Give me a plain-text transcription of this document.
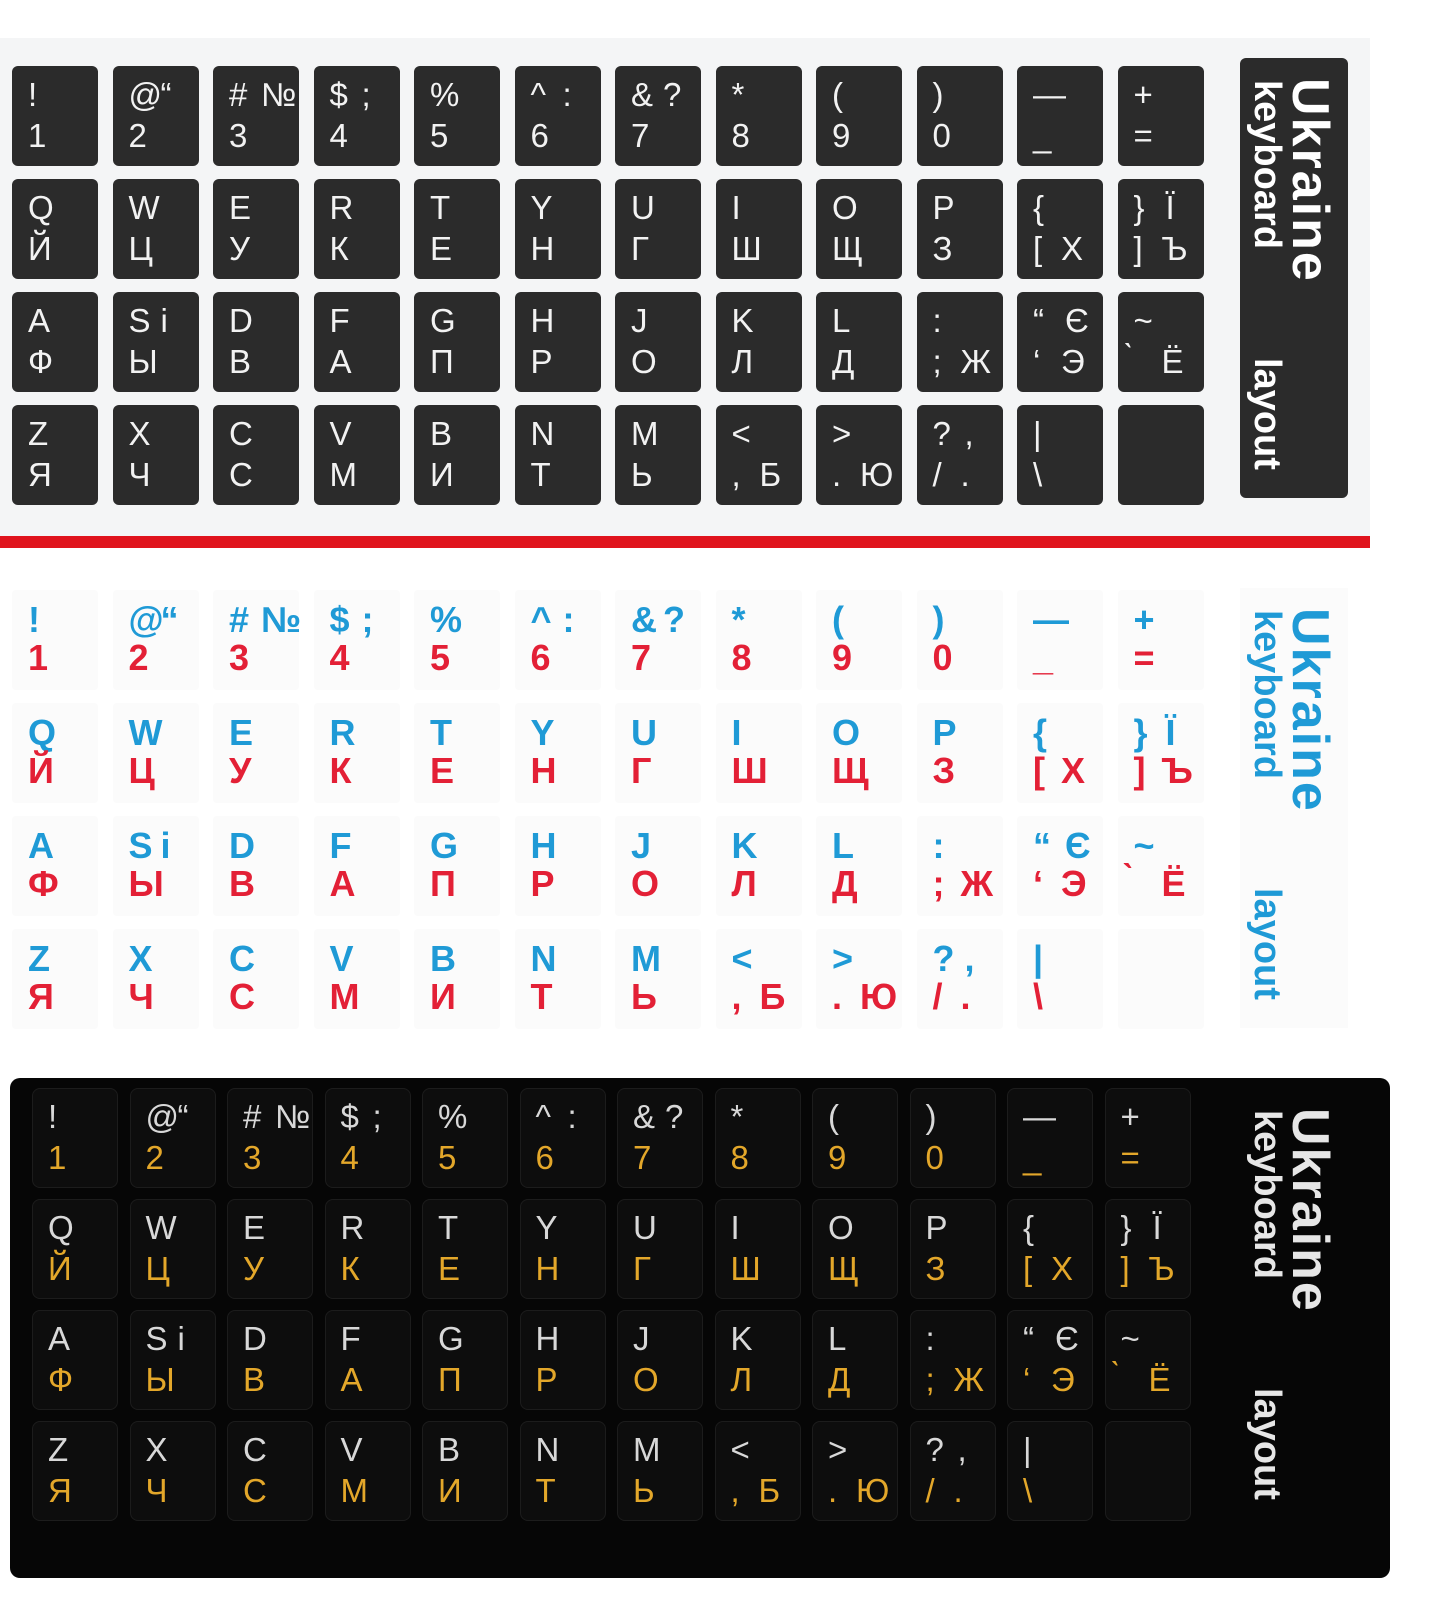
!
1
@
“
2
# №
3
$ ;
4
%
5
^ :
6
& ?
7
*
8
(
9
)
0
—
_
+
=
Q
Й
W
Ц
E
У
R
К
T
Е
Y
Н
U
Г
I
Ш
O
Щ
P
З
{
[ Х
} Ї
] Ъ
A
Ф
S i
Ы
D
В
F
А
G
П
H
Р
J
О
K
Л
L
Д
:
; Ж
“ Є
‘ Э
~
Ё
Z
Я
X
Ч
C
С
V
М
B
И
N
Т
M
Ь
<
, Б
>
. Ю
? ,
/ .
|
\
Ukraine
keyboard
layout
!
1
@
“
2
# №
3
$ ;
4
%
5
^ :
6
& ?
7
*
8
(
9
)
0
—
_
+
=
Q
Й
W
Ц
E
У
R
К
T
Е
Y
Н
U
Г
I
Ш
O
Щ
P
З
{
[ Х
} Ї
] Ъ
A
Ф
S i
Ы
D
В
F
А
G
П
H
Р
J
О
K
Л
L
Д
:
; Ж
“ Є
‘ Э
~
Ё
Z
Я
X
Ч
C
С
V
М
B
И
N
Т
M
Ь
<
, Б
>
. Ю
? ,
/ .
|
\
Ukraine
keyboard
layout
!
1
@
“
2
# №
3
$ ;
4
%
5
^ :
6
& ?
7
*
8
(
9
)
0
—
_
+
=
Q
Й
W
Ц
E
У
R
К
T
Е
Y
Н
U
Г
I
Ш
O
Щ
P
З
{
[ Х
} Ї
] Ъ
A
Ф
S i
Ы
D
В
F
А
G
П
H
Р
J
О
K
Л
L
Д
:
; Ж
“ Є
‘ Э
~
Ё
Z
Я
X
Ч
C
С
V
М
B
И
N
Т
M
Ь
<
, Б
>
. Ю
? ,
/ .
|
\
Ukraine
keyboard
layout
